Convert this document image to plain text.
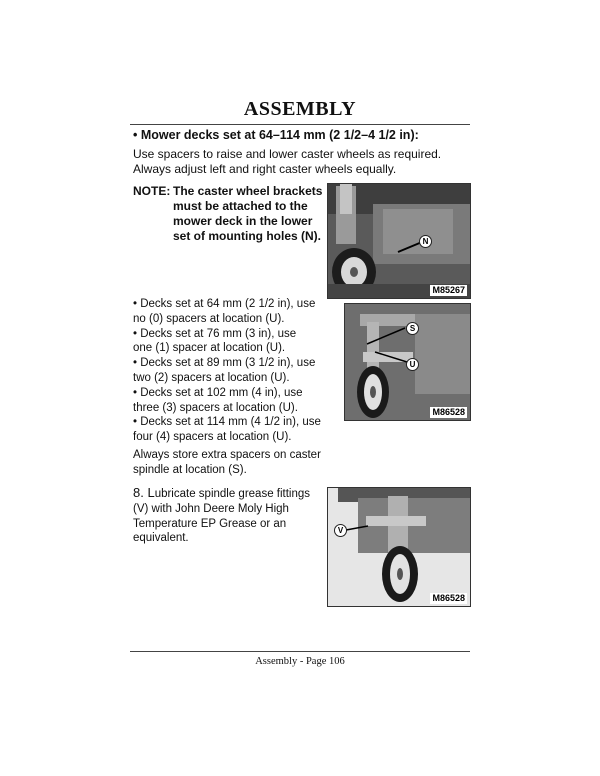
ASSEMBLY
• Mower decks set at 64–114 mm (2 1/2–4 1/2 in):

Use spacers to raise and lower caster wheels as required.

Always adjust left and right caster wheels equally.

NOTE: The caster wheel brackets
must be attached to the
mower deck in the lower
set of mounting holes (N).	N
M85267
S
U
M86528
• Decks set at 64 mm (2 1/2 in), use
no (0) spacers at location (U).
• Decks set at 76 mm (3 in), use
one (1) spacer at location (U).
• Decks set at 89 mm (3 1/2 in), use
two (2) spacers at location (U).
• Decks set at 102 mm (4 in), use
three (3) spacers at location (U).
• Decks set at 114 mm (4 1/2 in), use
four (4) spacers at location (U).
Always store extra spacers on caster
spindle at location (S).
8. Lubricate spindle grease fittings
(V) with John Deere Moly High
Temperature EP Grease or an
equivalent.
V
M86528
Assembly - Page 106
